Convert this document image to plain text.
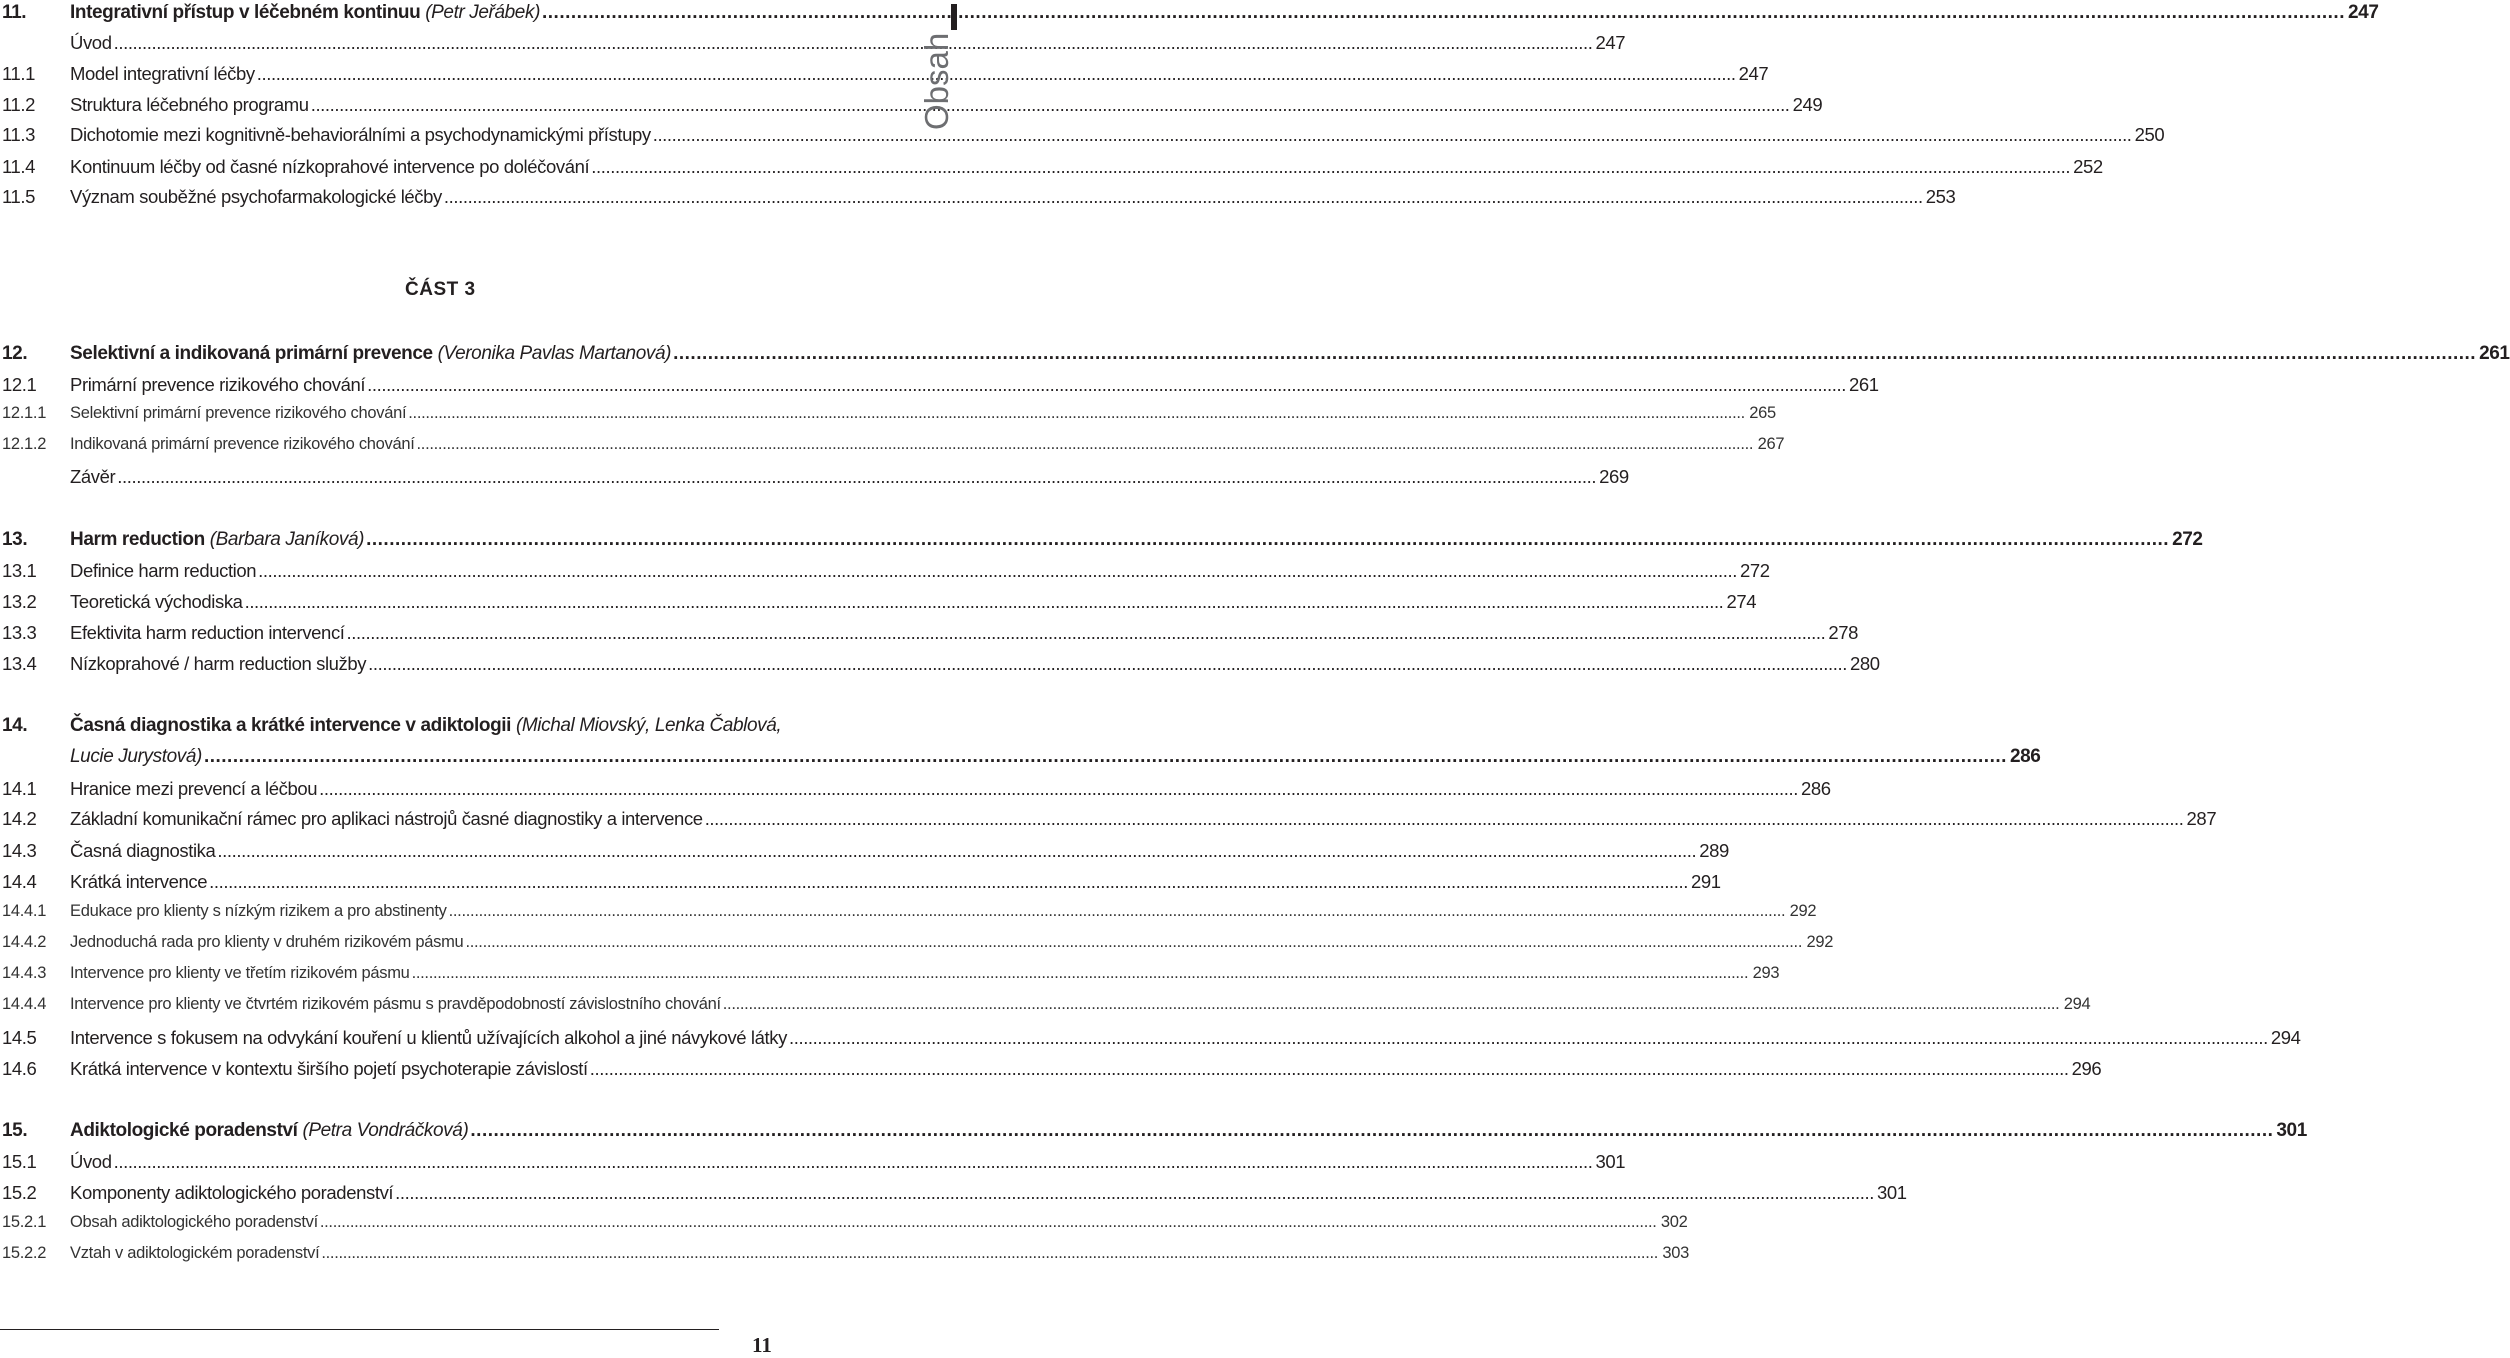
11. Integrativní přístup v léčebném kontinuu (Petr Jeřábek) .....	247
Úvod .....	247
11.1 Model integrativní léčby .....	247
11.2 Struktura léčebného programu .....	249
11.3 Dichotomie mezi kognitivně-behaviorálními a psychodynamickými přístupy .....	250
11.4 Kontinuum léčby od časné nízkoprahové intervence po doléčování .....	252
11.5 Význam souběžné psychofarmakologické léčby .....	253
12. Selektivní a indikovaná primární prevence (Veronika Pavlas Martanová) .....	261
12.1 Primární prevence rizikového chování .....	261
12.1.1 Selektivní primární prevence rizikového chování .....	265
12.1.2 Indikovaná primární prevence rizikového chování .....	267
Závěr .....	269
13. Harm reduction (Barbara Janíková) .....	272
13.1 Definice harm reduction .....	272
13.2 Teoretická východiska .....	274
13.3 Efektivita harm reduction intervencí .....	278
13.4 Nízkoprahové / harm reduction služby .....	280
14. Časná diagnostika a krátké intervence v adiktologii (Michal Miovský, Lenka Čablová,
Lucie Jurystová) .....	286
14.1 Hranice mezi prevencí a léčbou .....	286
14.2 Základní komunikační rámec pro aplikaci nástrojů časné diagnostiky a intervence .....	287
14.3 Časná diagnostika .....	289
14.4 Krátká intervence .....	291
14.4.1 Edukace pro klienty s nízkým rizikem a pro abstinenty .....	292
14.4.2 Jednoduchá rada pro klienty v druhém rizikovém pásmu .....	292
14.4.3 Intervence pro klienty ve třetím rizikovém pásmu .....	293
14.4.4 Intervence pro klienty ve čtvrtém rizikovém pásmu s pravděpodobností závislostního chování .....	294
14.5 Intervence s fokusem na odvykání kouření u klientů užívajících alkohol a jiné návykové látky .....	294
14.6 Krátká intervence v kontextu širšího pojetí psychoterapie závislostí .....	296
15. Adiktologické poradenství (Petra Vondráčková) .....	301
15.1 Úvod .....	301
15.2 Komponenty adiktologického poradenství .....	301
15.2.1 Obsah adiktologického poradenství .....	302
15.2.2 Vztah v adiktologickém poradenství .....	303
ČÁST 3
Obsah
11
